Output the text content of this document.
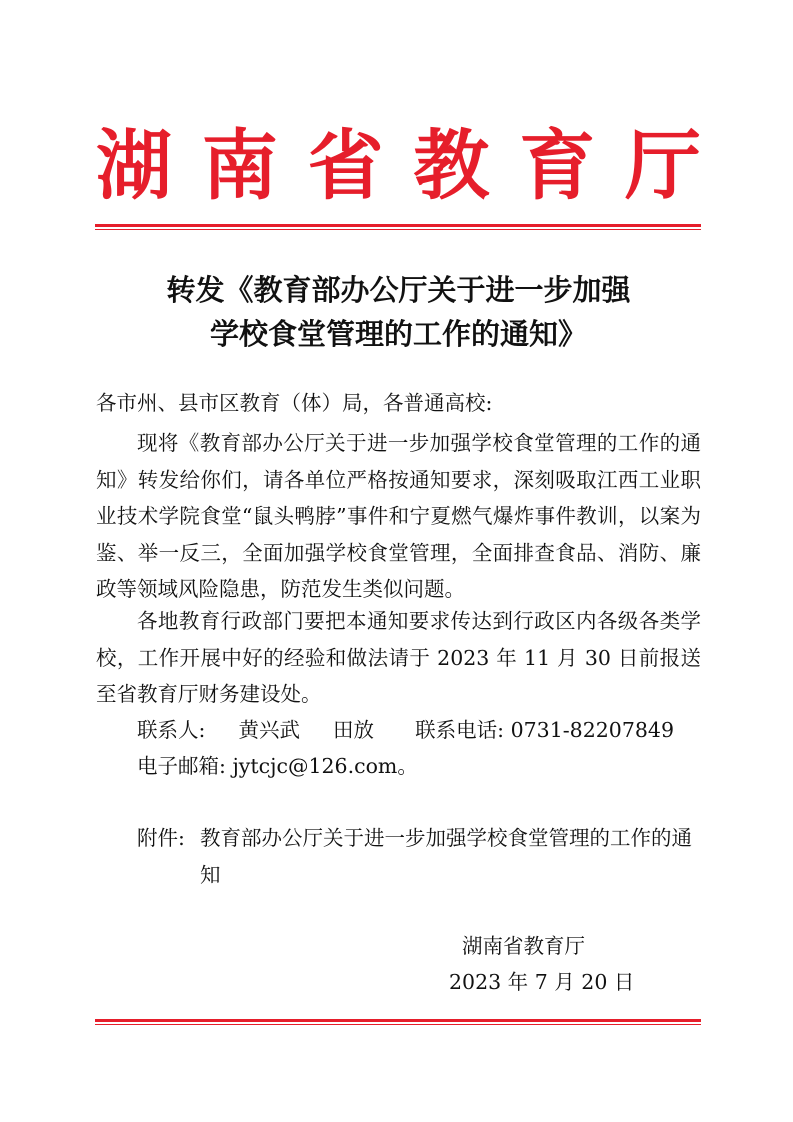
湖 南 省 教 育 厅
转发《教育部办公厅关于进一步加强
学校食堂管理的工作的通知》
各市州、县市区教育（体）局，各普通高校:
现将《教育部办公厅关于进一步加强学校食堂管理的工作的通知》转发给你们，请各单位严格按通知要求，深刻吸取江西工业职业技术学院食堂“鼠头鸭脖”事件和宁夏燃气爆炸事件教训，以案为鉴、举一反三，全面加强学校食堂管理，全面排查食品、消防、廉政等领域风险隐患，防范发生类似问题。
各地教育行政部门要把本通知要求传达到行政区内各级各类学校，工作开展中好的经验和做法请于 2023 年 11 月 30 日前报送至省教育厅财务建设处。
联系人: 黄兴武 田放 联系电话: 0731-82207849
电子邮箱: jytcjc@126.com。
附件: 教育部办公厅关于进一步加强学校食堂管理的工作的通知
湖南省教育厅
2023 年 7 月 20 日
